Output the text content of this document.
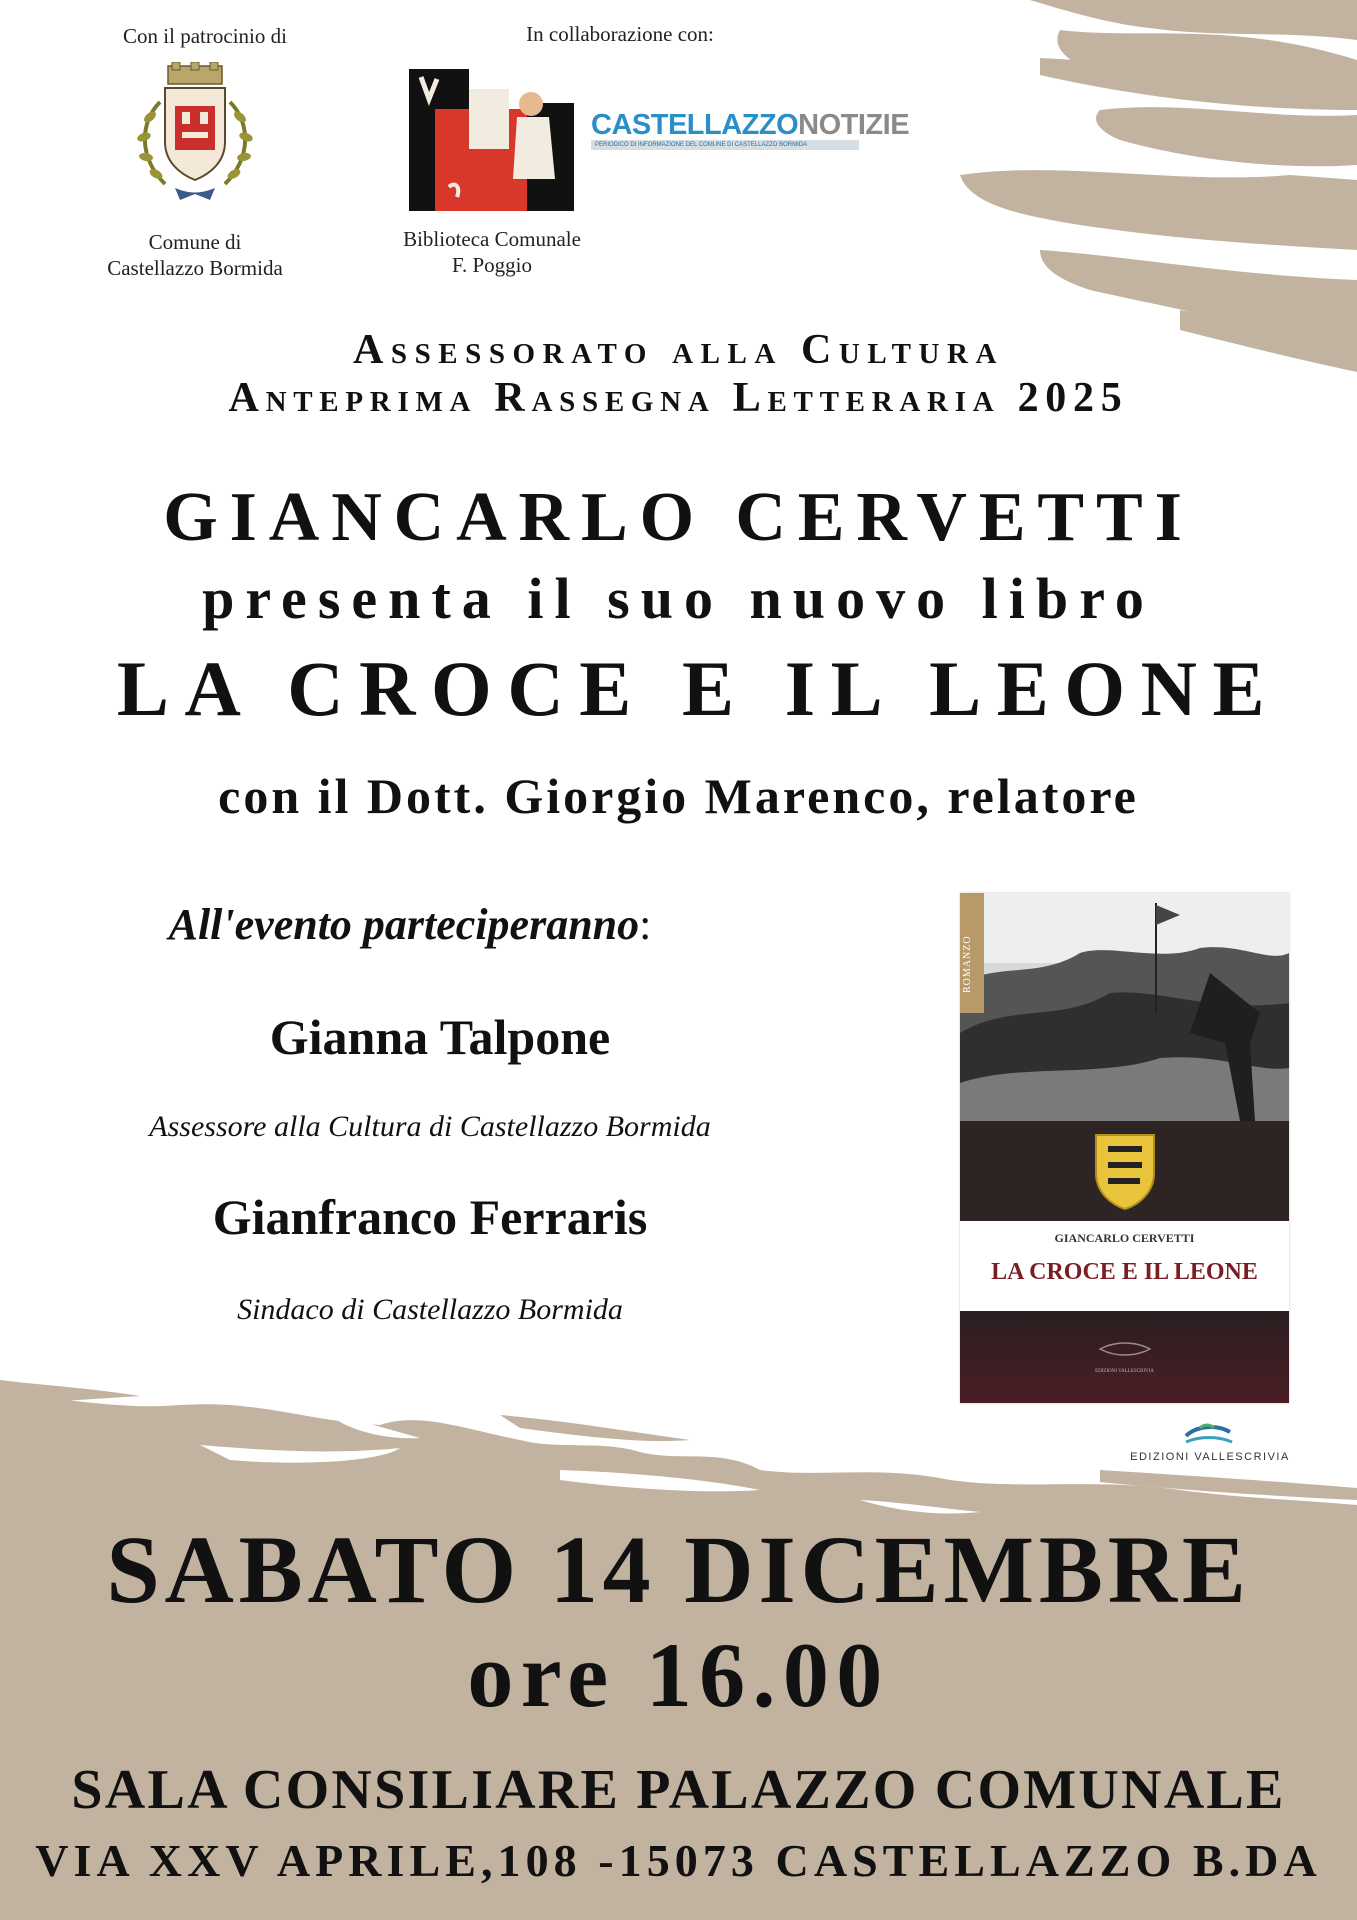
Con il patrocinio di
Comune di
Castellazzo Bormida
In collaborazione con:
CASTELLAZZONOTIZIE
PERIODICO DI INFORMAZIONE DEL COMUNE DI CASTELLAZZO BORMIDA
Biblioteca Comunale
F. Poggio
Assessorato alla Cultura
Anteprima Rassegna Letteraria 2025
GIANCARLO CERVETTI
presenta il suo nuovo libro
LA CROCE E IL LEONE
con il Dott. Giorgio Marenco, relatore
All'evento parteciperanno:
Gianna Talpone
Assessore alla Cultura di Castellazzo Bormida
Gianfranco Ferraris
Sindaco di Castellazzo Bormida
ROMANZO
GIANCARLO CERVETTI
LA CROCE E IL LEONE
EDIZIONI VALLESCRIVIA
EDIZIONI VALLESCRIVIA
SABATO 14 DICEMBRE
ore 16.00
SALA CONSILIARE PALAZZO COMUNALE
VIA XXV APRILE,108 -15073 CASTELLAZZO B.DA
